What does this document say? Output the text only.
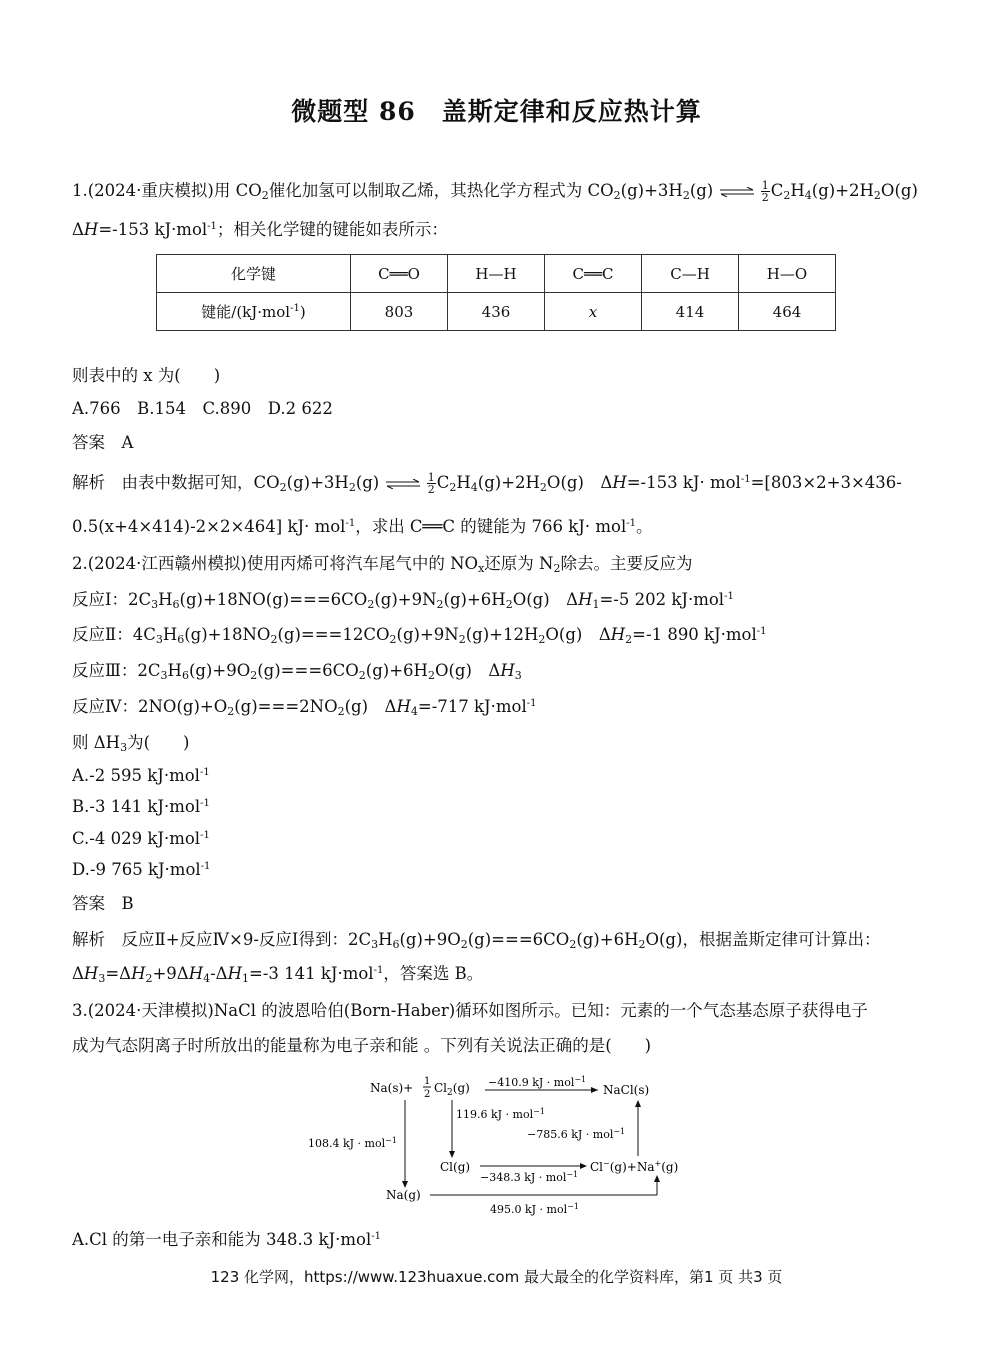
微题型 86　盖斯定律和反应热计算
1.(2024·重庆模拟)用 $CO_2$催化加氢可以制取乙烯，其热化学方程式为 $CO_2(g)+3H_2(g)$ ⇌ $\frac{1}{2} C_2H_4(g)+2H_2O(g)$
ΔH=-153 kJ·mol$^{-1}$；相关化学键的键能如表所示：
化学键	C══O	H—H	C══C	C—H	H—O
键能/(kJ·mol$^{-1}$)	803	436	x	414	464
则表中的 x 为(　　)
A.766　B.154　C.890　D.2 622
答案　A
解析　由表中数据可知，$CO_2(g)+3H_2(g)$ ⇌ $\frac{1}{2} C_2H_4(g)+2H_2O(g)$　ΔH=-153 kJ· mol$^{-1}$=[803×2+3×436-
0.5(x+4×414)-2×2×464] kJ· mol$^{-1}$，求出 C══C 的键能为 766 kJ· mol$^{-1}$。
2.(2024·江西赣州模拟)使用丙烯可将汽车尾气中的 $NO_x$还原为 $N_2$除去。主要反应为
反应Ⅰ：$2C_3H_6(g)+18NO(g)===6CO_2(g)+9N_2(g)+6H_2O(g)$　$\Delta H_1=-5$ 202 kJ·mol$^{-1}$
反应Ⅱ：$4C_3H_6(g)+18NO_2(g)===12CO_2(g)+9N_2(g)+12H_2O(g)$　$\Delta H_2=-1$ 890 kJ·mol$^{-1}$
反应Ⅲ：$2C_3H_6(g)+9O_2(g)===6CO_2(g)+6H_2O(g)$　$\Delta H_3$
反应Ⅳ：$2NO(g)+O_2(g)===2NO_2(g)$　$\Delta H_4=-717$ kJ·mol$^{-1}$
则 $\Delta H_3$为(　　)
A.-2 595 kJ·mol$^{-1}$
B.-3 141 kJ·mol$^{-1}$
C.-4 029 kJ·mol$^{-1}$
D.-9 765 kJ·mol$^{-1}$
答案　B
解析　反应Ⅱ+反应Ⅳ×9-反应Ⅰ得到：$2C_3H_6(g)+9O_2(g)===6CO_2(g)+6H_2O(g)$，根据盖斯定律可计算出：
$\Delta H_3=\Delta H_2+9\Delta H_4-\Delta H_1=-3$ 141 kJ·mol$^{-1}$，答案选 B。
3.(2024·天津模拟)NaCl 的波恩哈伯(Born-Haber)循环如图所示。已知：元素的一个气态基态原子获得电子
成为气态阴离子时所放出的能量称为电子亲和能 。下列有关说法正确的是(　　)
Na(s)+ 1
2 $Cl_2(g) -410.9$ kJ · mol$^{-1}$
NaCl(s)
108.4 kJ · mol$^{-1}$
119.6 kJ · mol$^{-1}$
−785.6 kJ · mol$^{-1}$
Cl(g)
−348.3 kJ · mol$^{-1}$
Cl−(g)+Na+(g)
Na(g)
495.0 kJ · mol$^{-1}$
A.Cl 的第一电子亲和能为 348.3 kJ·mol$^{-1}$
123 化学网，https://www.123huaxue.com 最大最全的化学资料库，第1 页 共3 页
